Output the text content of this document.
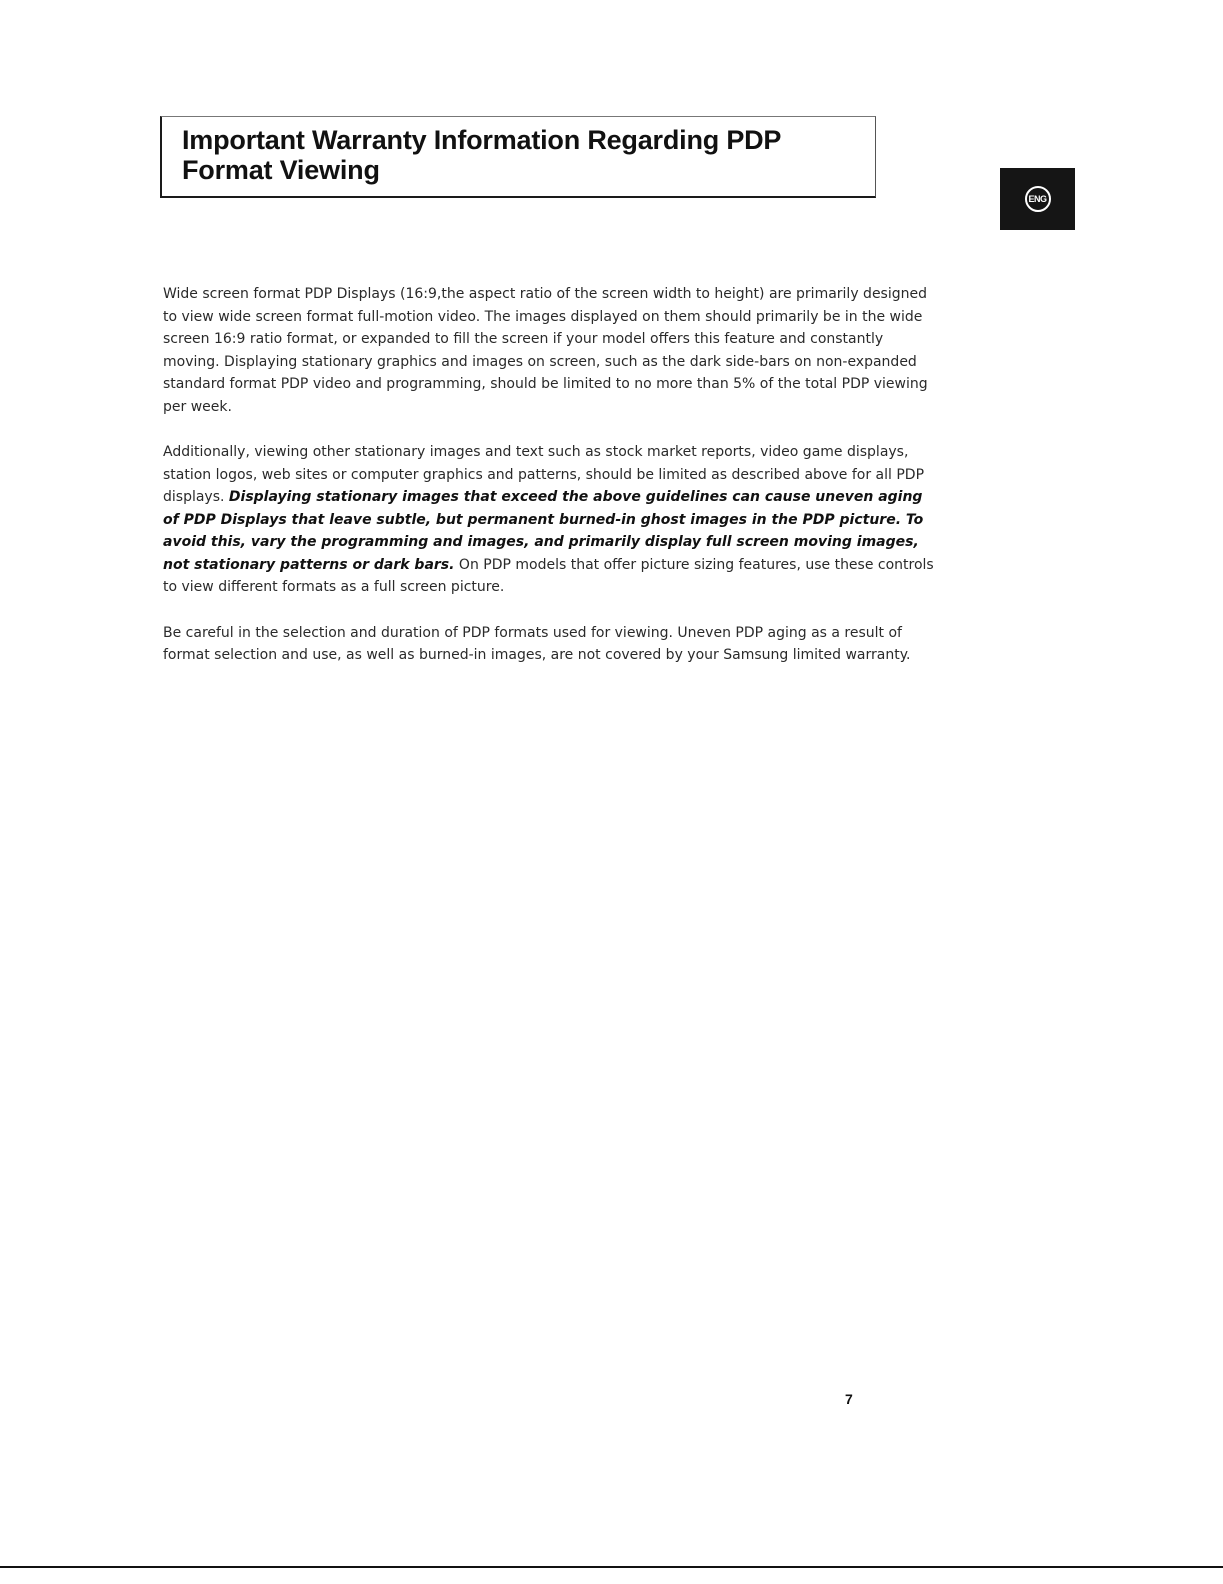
Important Warranty Information Regarding PDP Format Viewing
ENG

Wide screen format PDP Displays (16:9,the aspect ratio of the screen width to height) are primarily designed to view wide screen format full-motion video. The images displayed on them should primarily be in the wide screen 16:9 ratio format, or expanded to fill the screen if your model offers this feature and constantly moving. Displaying stationary graphics and images on screen, such as the dark side-bars on non-expanded standard format PDP video and programming, should be limited to no more than 5% of the total PDP viewing per week.

Additionally, viewing other stationary images and text such as stock market reports, video game displays, station logos, web sites or computer graphics and patterns, should be limited as described above for all PDP displays. Displaying stationary images that exceed the above guidelines can cause uneven aging of PDP Displays that leave subtle, but permanent burned-in ghost images in the PDP picture. To avoid this, vary the programming and images, and primarily display full screen moving images, not stationary patterns or dark bars. On PDP models that offer picture sizing features, use these controls to view different formats as a full screen picture.

Be careful in the selection and duration of PDP formats used for viewing. Uneven PDP aging as a result of format selection and use, as well as burned-in images, are not covered by your Samsung limited warranty.

7
